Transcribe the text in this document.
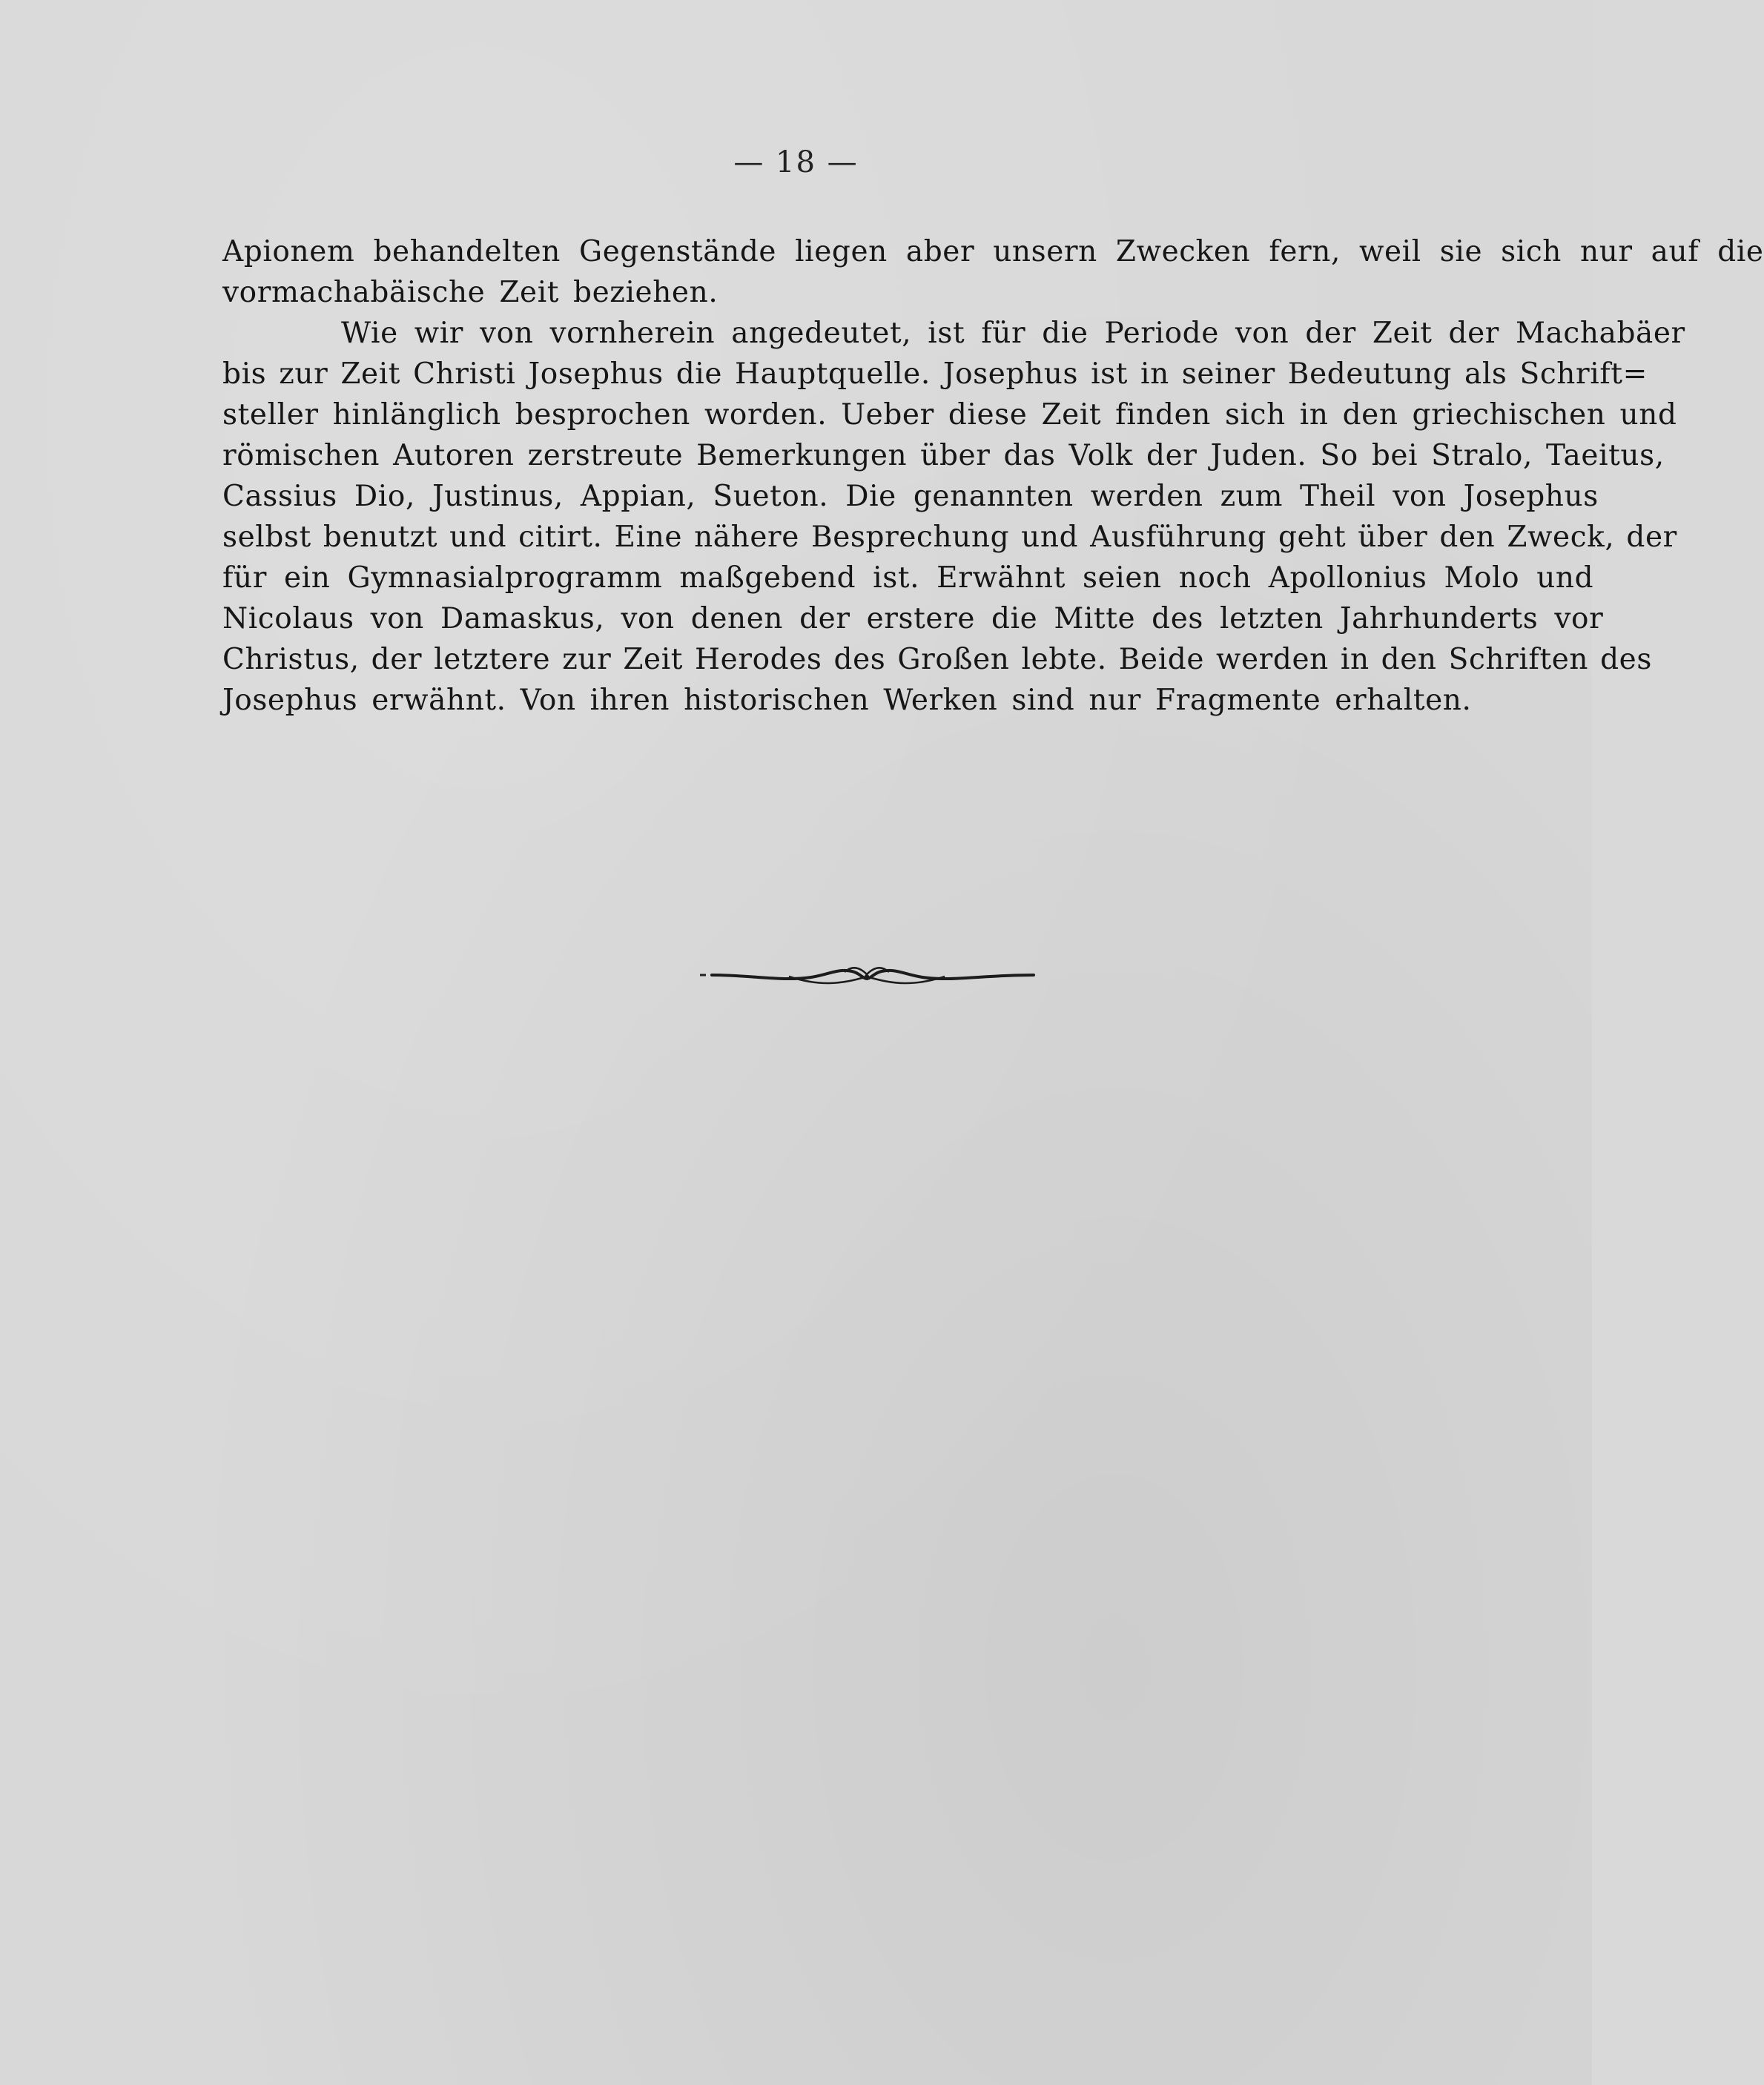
— 18 —
Apionem behandelten Gegenstände liegen aber unsern Zwecken fern, weil sie sich nur auf die
vormachabäische Zeit beziehen.
Wie wir von vornherein angedeutet, ist für die Periode von der Zeit der Machabäer
bis zur Zeit Christi Josephus die Hauptquelle. Josephus ist in seiner Bedeutung als Schrift=
steller hinlänglich besprochen worden. Ueber diese Zeit finden sich in den griechischen und
römischen Autoren zerstreute Bemerkungen über das Volk der Juden. So bei Stralo, Taeitus,
Cassius Dio, Justinus, Appian, Sueton. Die genannten werden zum Theil von Josephus
selbst benutzt und citirt. Eine nähere Besprechung und Ausführung geht über den Zweck, der
für ein Gymnasialprogramm maßgebend ist. Erwähnt seien noch Apollonius Molo und
Nicolaus von Damaskus, von denen der erstere die Mitte des letzten Jahrhunderts vor
Christus, der letztere zur Zeit Herodes des Großen lebte. Beide werden in den Schriften des
Josephus erwähnt. Von ihren historischen Werken sind nur Fragmente erhalten.
